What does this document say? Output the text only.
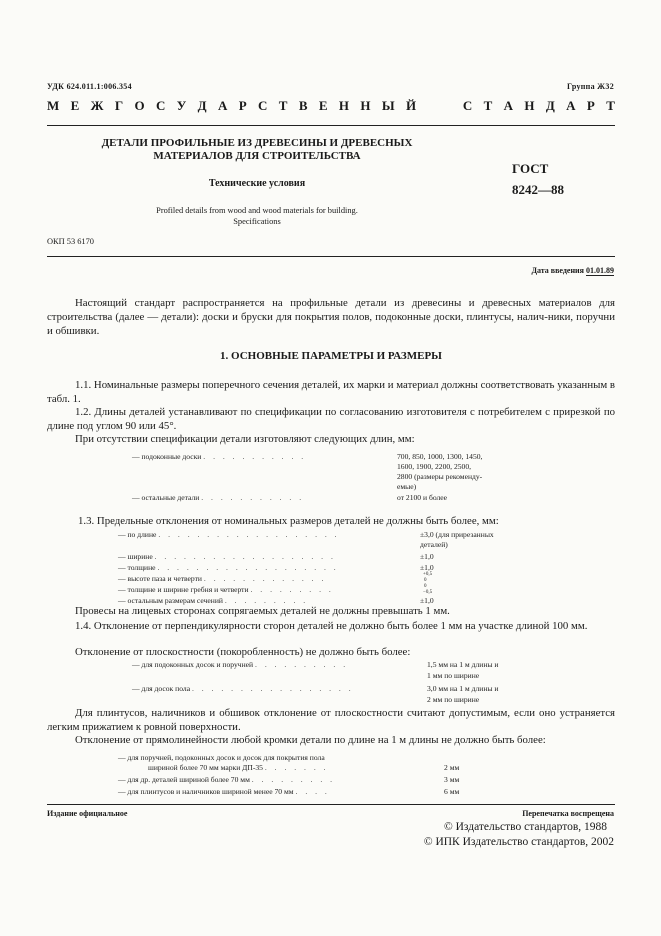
УДК 624.011.1:006.354	Группа Ж32
М Е Ж Г О С У Д А Р С Т В Е Н Н Ы Й	С Т А Н Д А Р Т
ДЕТАЛИ ПРОФИЛЬНЫЕ ИЗ ДРЕВЕСИНЫ И ДРЕВЕСНЫХ
МАТЕРИАЛОВ ДЛЯ СТРОИТЕЛЬСТВА
ГОСТ
8242—88
Технические условия
Profiled details from wood and wood materials for building.
Specifications
ОКП 53 6170
Дата введения 01.01.89
Настоящий стандарт распространяется на профильные детали из древесины и древесных материалов для строительства (далее — детали): доски и бруски для покрытия полов, подоконные доски, плинтусы, налич-ники, поручни и обшивки.
1. ОСНОВНЫЕ ПАРАМЕТРЫ И РАЗМЕРЫ
1.1. Номинальные размеры поперечного сечения деталей, их марки и материал должны соответствовать указанным в табл. 1.
1.2. Длины деталей устанавливают по спецификации по согласованию изготовителя с потребителем с прирезкой по длине под углом 90 или 45°.
При отсутствии спецификации детали изготовляют следующих длин, мм:
— подоконные доски . . . . . . . . . . .	700, 850, 1000, 1300, 1450,
1600, 1900, 2200, 2500,
2800 (размеры рекоменду-
емые)
— остальные детали . . . . . . . . . . .	от 2100 и более
1.3. Предельные отклонения от номинальных размеров деталей не должны быть более, мм:
— по длине . . . . . . . . . . . . . . . . . . .	±3,0 (для прирезанных
деталей)
— ширине . . . . . . . . . . . . . . . . . . .	±1,0
— толщине . . . . . . . . . . . . . . . . . . .	±1,0
— высоте паза и четверти . . . . . . . . . . . . .	+0,5
0
— толщине и ширине гребня и четверти . . . . . . . . .	0
−0,5
— остальным размерам сечений . . . . . . . . .	±1,0
Провесы на лицевых сторонах сопрягаемых деталей не должны превышать 1 мм.
1.4. Отклонение от перпендикулярности сторон деталей не должно быть более 1 мм на участке длиной 100 мм.
Отклонение от плоскостности (покоробленность) не должно быть более:
— для подоконных досок и поручней . . . . . . . . . .	1,5 мм на 1 м длины и
1 мм по ширине
— для досок пола . . . . . . . . . . . . . . . . .	3,0 мм на 1 м длины и
2 мм по ширине
Для плинтусов, наличников и обшивок отклонение от плоскостности считают допустимым, если оно устраняется легким прижатием к ровной поверхности.
Отклонение от прямолинейности любой кромки детали по длине на 1 м длины не должно быть более:
— для поручней, подоконных досок и досок для покрытия пола
шириной более 70 мм марки ДП-35 . . . . . . .	2 мм
— для др. деталей шириной более 70 мм . . . . . . . . .	3 мм
— для плинтусов и наличников шириной менее 70 мм . . . .	6 мм
Издание официальное	Перепечатка воспрещена
© Издательство стандартов, 1988
© ИПК Издательство стандартов, 2002
